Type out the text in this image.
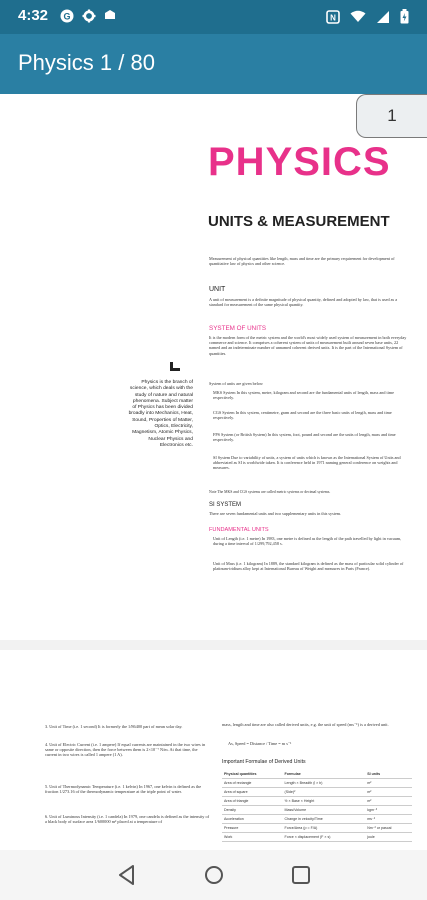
4:32 G	N
Physics 1 / 80
1
PHYSICS
UNITS & MEASUREMENT
Measurement of physical quantities like length, mass and time are the primary requirement for development of quantitative law of physics and other science.
UNIT
A unit of measurement is a definite magnitude of physical quantity, defined and adopted by law, that is used as a standard for measurement of the same physical quantity.
SYSTEM OF UNITS
It is the modern form of the metric system and the world's most widely used system of measurement in both everyday commerce and science. It comprises a coherent system of units of measurement built around seven base units, 22 named and an indeterminate number of unnamed coherent derived units. It is the part of the International System of quantities.
System of units are given below
MKS System In this system, metre, kilogram and second are the fundamental units of length, mass and time respectively.
CGS System In this system, centimetre, gram and second are the three basic units of length, mass and time respectively.
FPS System (or British System) In this system, foot, pound and second are the units of length, mass and time respectively.
SI System Due to variability of units, a system of units which is known as the International System of Units and abbreviated as SI is worldwide taken. It is conference held in 1971 naming general conference on weights and measures.
Note The MKS and CGS systems are called metric systems or decimal systems.
SI SYSTEM
There are seven fundamental units and two supplementary units in this system.
FUNDAMENTAL UNITS
Unit of Length (i.e. 1 metre) In 1983, one metre is defined as the length of the path travelled by light in vacuum, during a time interval of 1/299,792,458 s.
Unit of Mass (i.e. 1 kilogram) In 1889, the standard kilogram is defined as the mass of particular solid cylinder of platinum-iridium alloy kept at International Bureau of Weight and measures in Paris (France).
Physics is the branch of science, which deals with the study of nature and natural phenomena. Subject matter of Physics has been divided broadly into Mechanics, Heat, Sound, Properties of Matter, Optics, Electricity, Magnetism, Atomic Physics, Nuclear Physics and Electronics etc.
3. Unit of Time (i.e. 1 second) It is formerly the 1/86400 part of mean solar day.
4. Unit of Electric Current (i.e. 1 ampere) If equal currents are maintained in the two wires in same or opposite direction, then the force between them is 2×10⁻⁷ N/m. At that time, the current in two wires is called 1 ampere (1 A).
5. Unit of Thermodynamic Temperature (i.e. 1 kelvin) In 1967, one kelvin is defined as the fraction 1/273.16 of the thermodynamic temperature at the triple point of water.
6. Unit of Luminous Intensity (i.e. 1 candela) In 1979, one candela is defined as the intensity of a black body of surface area 1/600000 m² placed at a temperature of
mass, length and time are also called derived units, e.g. the unit of speed (ms⁻¹) is a derived unit.
As, Speed = Distance / Time = m s⁻¹
Important Formulae of Derived Units
Physical quantities	Formulae	SI units
Area of rectangle	Length × Breadth (l × b)	m²
Area of square	(Side)²	m²
Area of triangle	½ × Base × Height	m²
Density	Mass/Volume	kgm⁻³
Acceleration	Change in velocity/Time	ms⁻²
Pressure	Force/Area (p = F/A)	Nm⁻² or pascal
Work	Force × displacement (F × s)	joule
